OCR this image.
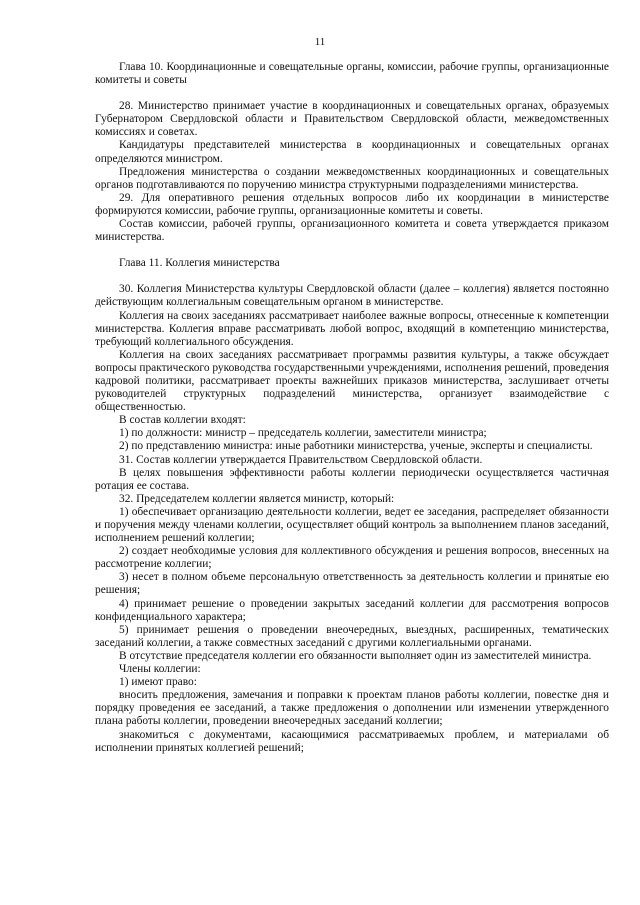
11

Глава 10. Координационные и совещательные органы, комиссии, рабочие группы, организационные комитеты и советы

28. Министерство принимает участие в координационных и совещательных органах, образуемых Губернатором Свердловской области и Правительством Свердловской области, межведомственных комиссиях и советах.

Кандидатуры представителей министерства в координационных и совещательных органах определяются министром.

Предложения министерства о создании межведомственных координационных и совещательных органов подготавливаются по поручению министра структурными подразделениями министерства.

29. Для оперативного решения отдельных вопросов либо их координации в министерстве формируются комиссии, рабочие группы, организационные комитеты и советы.

Состав комиссии, рабочей группы, организационного комитета и совета утверждается приказом министерства.

Глава 11. Коллегия министерства

30. Коллегия Министерства культуры Свердловской области (далее – коллегия) является постоянно действующим коллегиальным совещательным органом в министерстве.

Коллегия на своих заседаниях рассматривает наиболее важные вопросы, отнесенные к компетенции министерства. Коллегия вправе рассматривать любой вопрос, входящий в компетенцию министерства, требующий коллегиального обсуждения.

Коллегия на своих заседаниях рассматривает программы развития культуры, а также обсуждает вопросы практического руководства государственными учреждениями, исполнения решений, проведения кадровой политики, рассматривает проекты важнейших приказов министерства, заслушивает отчеты руководителей структурных подразделений министерства, организует взаимодействие с общественностью.

В состав коллегии входят:

1) по должности: министр – председатель коллегии, заместители министра;

2) по представлению министра: иные работники министерства, ученые, эксперты и специалисты.

31. Состав коллегии утверждается Правительством Свердловской области.

В целях повышения эффективности работы коллегии периодически осуществляется частичная ротация ее состава.

32. Председателем коллегии является министр, который:

1) обеспечивает организацию деятельности коллегии, ведет ее заседания, распределяет обязанности и поручения между членами коллегии, осуществляет общий контроль за выполнением планов заседаний, исполнением решений коллегии;

2) создает необходимые условия для коллективного обсуждения и решения вопросов, внесенных на рассмотрение коллегии;

3) несет в полном объеме персональную ответственность за деятельность коллегии и принятые ею решения;

4) принимает решение о проведении закрытых заседаний коллегии для рассмотрения вопросов конфиденциального характера;

5) принимает решения о проведении внеочередных, выездных, расширенных, тематических заседаний коллегии, а также совместных заседаний с другими коллегиальными органами.

В отсутствие председателя коллегии его обязанности выполняет один из заместителей министра.

Члены коллегии:

1) имеют право:

вносить предложения, замечания и поправки к проектам планов работы коллегии, повестке дня и порядку проведения ее заседаний, а также предложения о дополнении или изменении утвержденного плана работы коллегии, проведении внеочередных заседаний коллегии;

знакомиться с документами, касающимися рассматриваемых проблем, и материалами об исполнении принятых коллегией решений;
